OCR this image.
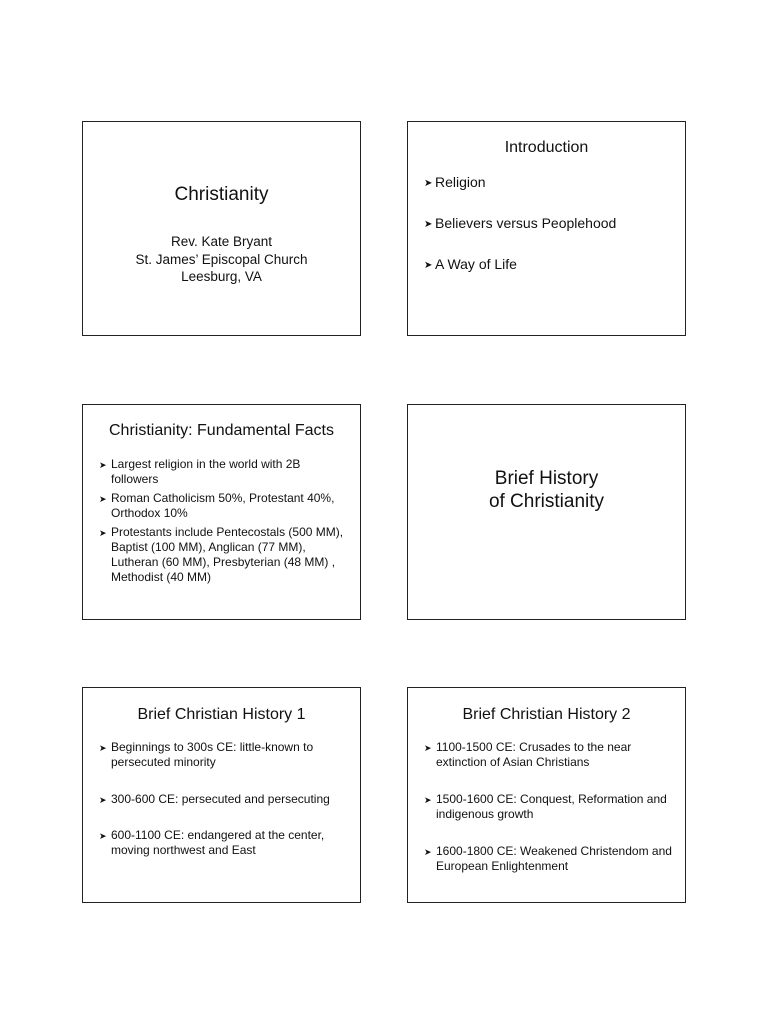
Christianity
Rev. Kate Bryant
St. James’ Episcopal Church
Leesburg, VA
Introduction
➤ Religion
➤ Believers versus Peoplehood
➤ A Way of Life
Christianity: Fundamental Facts
➤ Largest religion in the world with 2B followers
➤ Roman Catholicism 50%, Protestant 40%, Orthodox 10%
➤ Protestants include Pentecostals (500 MM), Baptist (100 MM), Anglican (77 MM), Lutheran (60 MM), Presbyterian (48 MM) , Methodist (40 MM)
Brief History
of Christianity
Brief Christian History 1
➤ Beginnings to 300s CE: little-known to persecuted minority
➤ 300-600 CE: persecuted and persecuting
➤ 600-1100 CE: endangered at the center, moving northwest and East
Brief Christian History 2
➤ 1100-1500 CE: Crusades to the near extinction of Asian Christians
➤ 1500-1600 CE: Conquest, Reformation and indigenous growth
➤ 1600-1800 CE: Weakened Christendom and European Enlightenment
